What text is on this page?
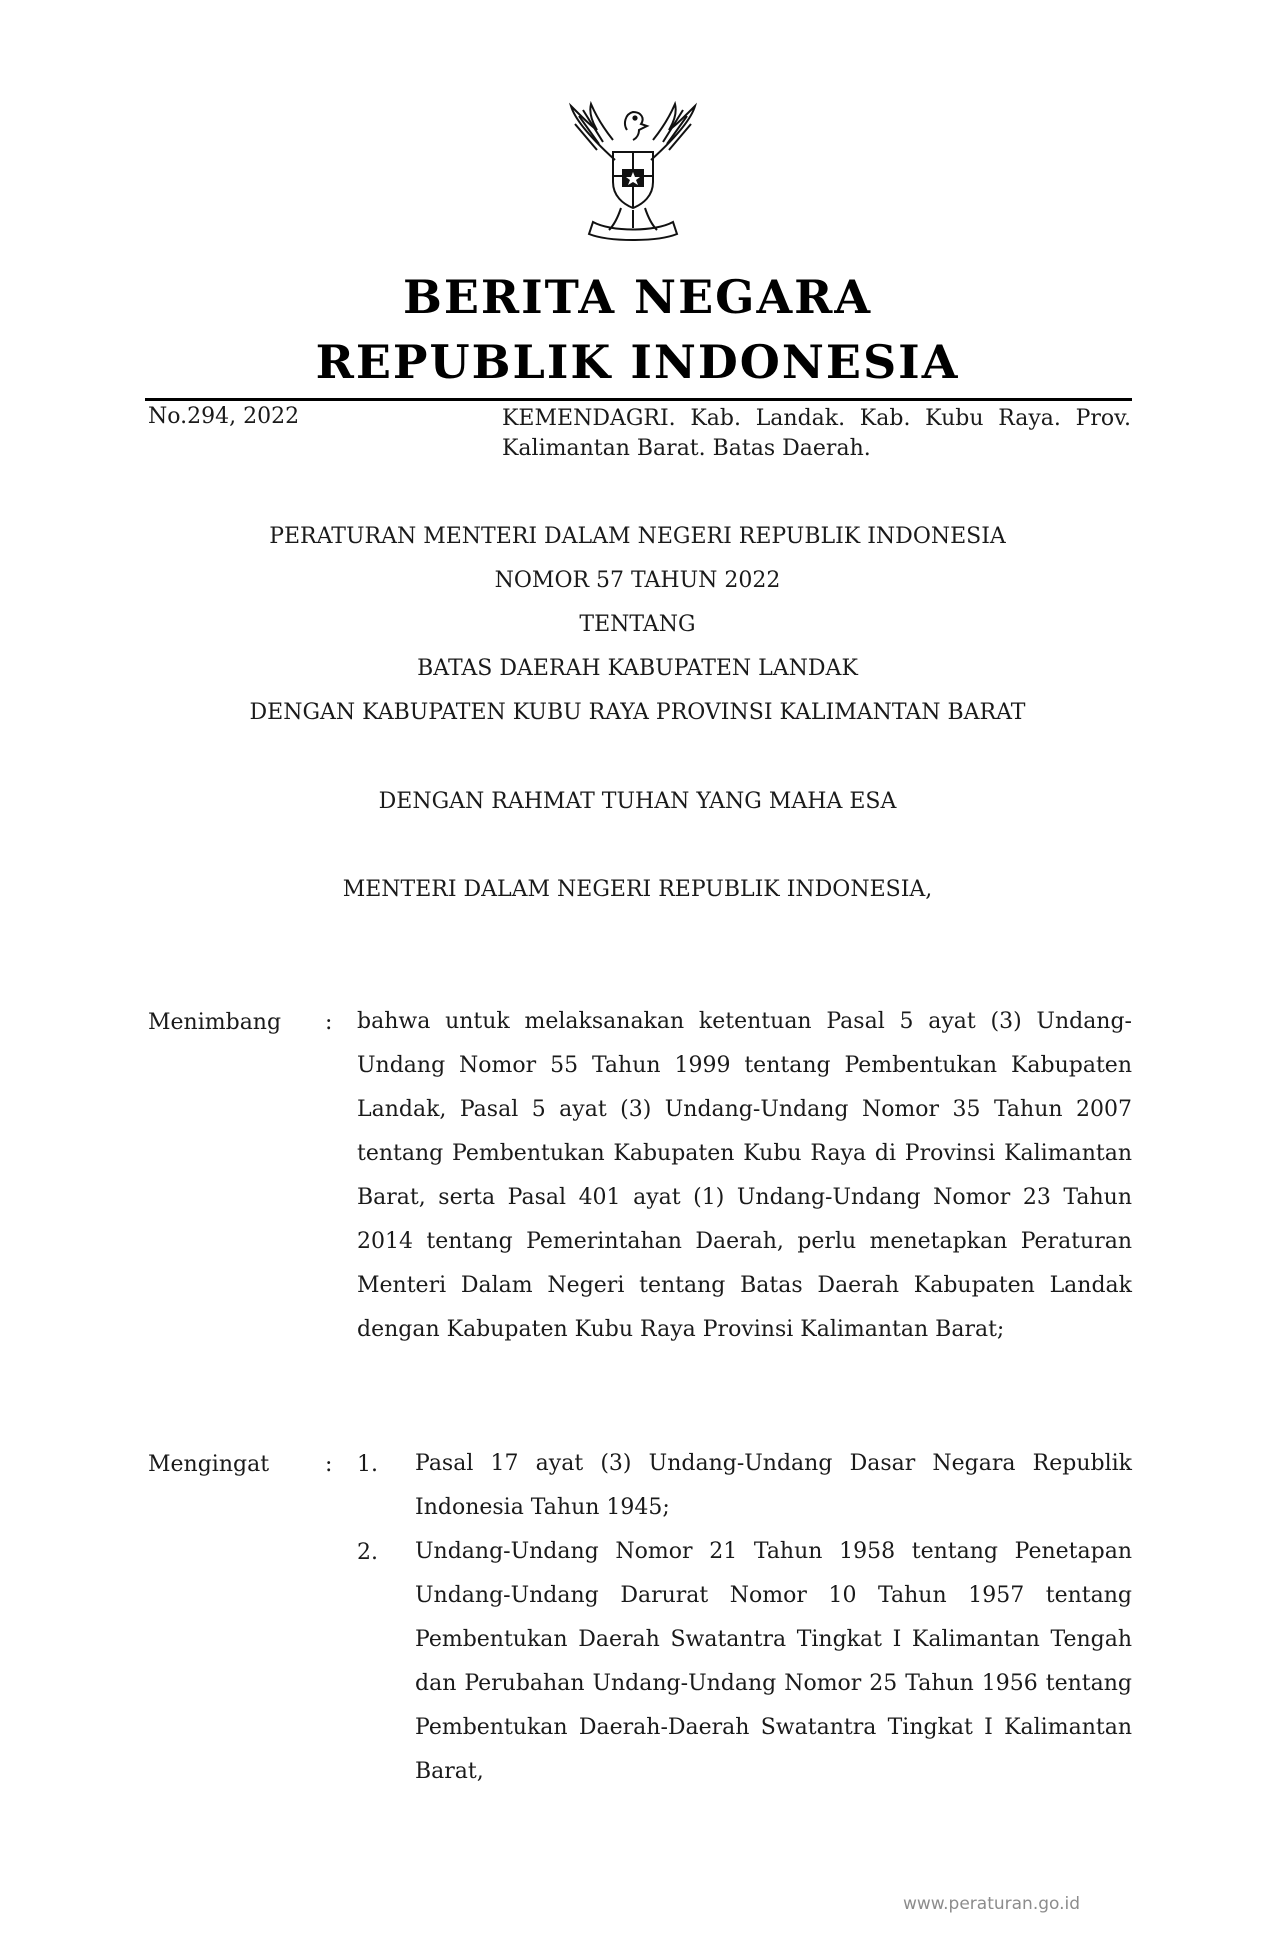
BERITA NEGARA
REPUBLIK INDONESIA
No.294, 2022	KEMENDAGRI. Kab. Landak. Kab. Kubu Raya. Prov. Kalimantan Barat. Batas Daerah.
PERATURAN MENTERI DALAM NEGERI REPUBLIK INDONESIA
NOMOR 57 TAHUN 2022
TENTANG
BATAS DAERAH KABUPATEN LANDAK
DENGAN KABUPATEN KUBU RAYA PROVINSI KALIMANTAN BARAT
DENGAN RAHMAT TUHAN YANG MAHA ESA
MENTERI DALAM NEGERI REPUBLIK INDONESIA,
Menimbang : bahwa untuk melaksanakan ketentuan Pasal 5 ayat (3) Undang-Undang Nomor 55 Tahun 1999 tentang Pembentukan Kabupaten Landak, Pasal 5 ayat (3) Undang-Undang Nomor 35 Tahun 2007 tentang Pembentukan Kabupaten Kubu Raya di Provinsi Kalimantan Barat, serta Pasal 401 ayat (1) Undang-Undang Nomor 23 Tahun 2014 tentang Pemerintahan Daerah, perlu menetapkan Peraturan Menteri Dalam Negeri tentang Batas Daerah Kabupaten Landak dengan Kabupaten Kubu Raya Provinsi Kalimantan Barat;
Mengingat	: 1. Pasal 17 ayat (3) Undang-Undang Dasar Negara Republik Indonesia Tahun 1945;
2. Undang-Undang Nomor 21 Tahun 1958 tentang Penetapan Undang-Undang Darurat Nomor 10 Tahun 1957 tentang Pembentukan Daerah Swatantra Tingkat I Kalimantan Tengah dan Perubahan Undang-Undang Nomor 25 Tahun 1956 tentang Pembentukan Daerah-Daerah Swatantra Tingkat I Kalimantan Barat,
www.peraturan.go.id
